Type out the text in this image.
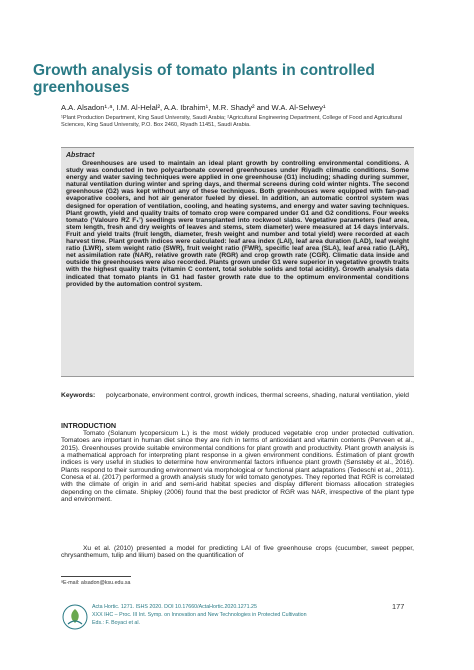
Growth analysis of tomato plants in controlled greenhouses
A.A. Alsadon¹·ᵃ, I.M. Al-Helal², A.A. Ibrahim¹, M.R. Shady² and W.A. Al-Selwey¹
¹Plant Production Department, King Saud University, Saudi Arabia; ²Agricultural Engineering Department, College of Food and Agricultural Sciences, King Saud University, P.O. Box 2460, Riyadh 11451, Saudi Arabia.
Abstract
Greenhouses are used to maintain an ideal plant growth by controlling environmental conditions. A study was conducted in two polycarbonate covered greenhouses under Riyadh climatic conditions. Some energy and water saving techniques were applied in one greenhouse (G1) including; shading during summer, natural ventilation during winter and spring days, and thermal screens during cold winter nights. The second greenhouse (G2) was kept without any of these techniques. Both greenhouses were equipped with fan-pad evaporative coolers, and hot air generator fueled by diesel. In addition, an automatic control system was designed for operation of ventilation, cooling, and heating systems, and energy and water saving techniques. Plant growth, yield and quality traits of tomato crop were compared under G1 and G2 conditions. Four weeks tomato (‘Valouro RZ F₁’) seedlings were transplanted into rockwool slabs. Vegetative parameters (leaf area, stem length, fresh and dry weights of leaves and stems, stem diameter) were measured at 14 days intervals. Fruit and yield traits (fruit length, diameter, fresh weight and number and total yield) were recorded at each harvest time. Plant growth indices were calculated: leaf area index (LAI), leaf area duration (LAD), leaf weight ratio (LWR), stem weight ratio (SWR), fruit weight ratio (FWR), specific leaf area (SLA), leaf area ratio (LAR), net assimilation rate (NAR), relative growth rate (RGR) and crop growth rate (CGR). Climatic data inside and outside the greenhouses were also recorded. Plants grown under G1 were superior in vegetative growth traits with the highest quality traits (vitamin C content, total soluble solids and total acidity). Growth analysis data indicated that tomato plants in G1 had faster growth rate due to the optimum environmental conditions provided by the automation control system.
Keywords:	polycarbonate, environment control, growth indices, thermal screens, shading, natural ventilation, yield
INTRODUCTION
Tomato (Solanum lycopersicum L.) is the most widely produced vegetable crop under protected cultivation. Tomatoes are important in human diet since they are rich in terms of antioxidant and vitamin contents (Perveen et al., 2015). Greenhouses provide suitable environmental conditions for plant growth and productivity. Plant growth analysis is a mathematical approach for interpreting plant response in a given environment conditions. Estimation of plant growth indices is very useful in studies to determine how environmental factors influence plant growth (Sønsteby et al., 2016). Plants respond to their surrounding environment via morphological or functional plant adaptations (Tedeschi et al., 2011). Conesa et al. (2017) performed a growth analysis study for wild tomato genotypes. They reported that RGR is correlated with the climate of origin in arid and semi-arid habitat species and display different biomass allocation strategies depending on the climate. Shipley (2006) found that the best predictor of RGR was NAR, irrespective of the plant type and environment.
Xu et al. (2010) presented a model for predicting LAI of five greenhouse crops (cucumber, sweet pepper, chrysanthemum, tulip and lilium) based on the quantification of
ᵃE-mail: alsadon@ksu.edu.sa
Acta Hortic. 1271. ISHS 2020. DOI 10.17660/ActaHortic.2020.1271.25
XXX IHC – Proc. III Int. Symp. on Innovation and New Technologies in Protected Cultivation
Eds.: F. Boyaci et al.
177
